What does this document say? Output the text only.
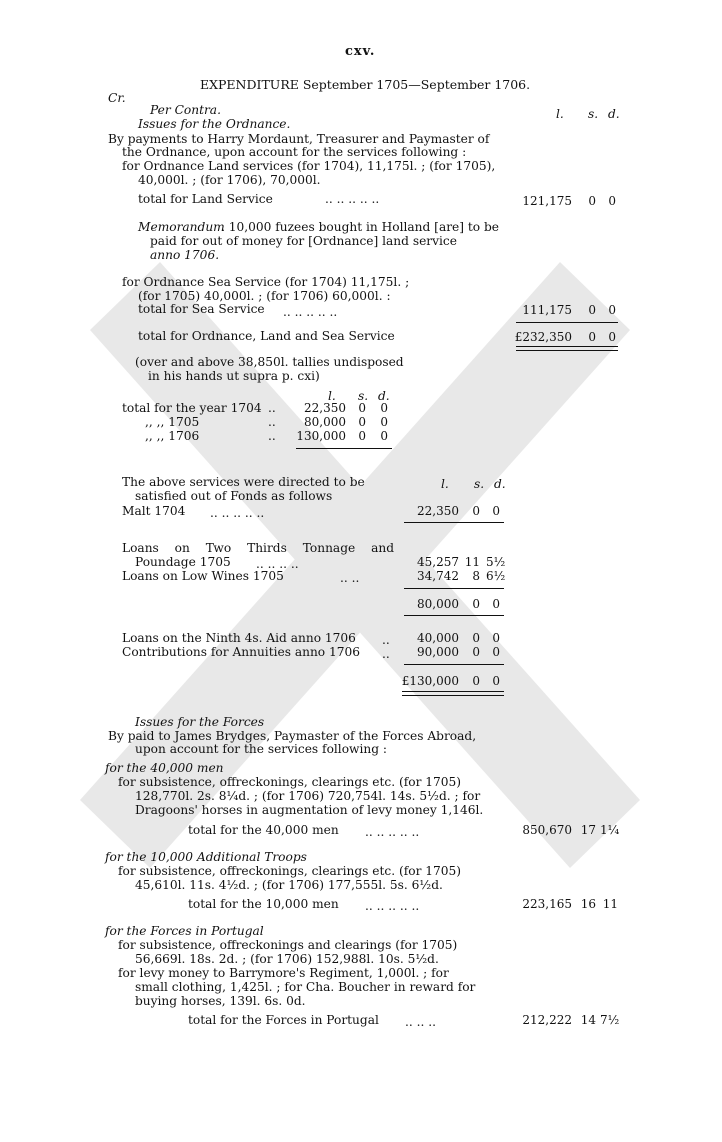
cxv.
EXPENDITURE September 1705—September 1706.
Cr.
l. s. d.
Per Contra.
Issues for the Ordnance.
By payments to Harry Mordaunt, Treasurer and Paymaster of
the Ordnance, upon account for the services following :
for Ordnance Land services (for 1704), 11,175l. ; (for 1705),
40,000l. ; (for 1706), 70,000l.
total for Land Service	.. .. .. .. ..	121,175	0	0
Memorandum
. 10,000 fuzees bought in Holland [are] to be
paid for out of money for [Ordnance] land service
anno 1706.
for Ordnance Sea Service (for 1704) 11,175l. ;
(for 1705) 40,000l. ; (for 1706) 60,000l. :
total for Sea Service .. .. .. .. ..	111,175	0	0
total for Ordnance, Land and Sea Service	£232,350	0	0
(over and above 38,850l. tallies undisposed
in his hands ut supra p. cxi)
l. s. d.
total for the year 1704 ..	22,350 0 0
,, ,, 1705	..	80,000 0 0
,, ,, 1706	..	130,000 0 0
The above services were directed to be
satisfied out of Fonds as follows
l. s. d.
Malt 1704 .. .. .. .. ..	22,350	0	0
Loans on Two Thirds Tonnage and
Poundage 1705 .. .. .. ..	45,257 11 5½
Loans on Low Wines 1705	.. ..	34,742	8 6½
80,000	0	0
Loans on the Ninth 4s. Aid anno 1706 ..	40,000	0	0
Contributions for Annuities anno 1706 ..	90,000	0	0
£130,000	0	0
Issues for the Forces
By paid to James Brydges, Paymaster of the Forces Abroad,
upon account for the services following :
for the 40,000 men
for subsistence, offreckonings, clearings etc. (for 1705)
128,770l. 2s. 8¼d. ; (for 1706) 720,754l. 14s. 5½d. ; for
Dragoons' horses in augmentation of levy money 1,146l.
total for the 40,000 men .. .. .. .. ..	850,670 17 1¼
for the 10,000 Additional Troops
for subsistence, offreckonings, clearings etc. (for 1705)
45,610l. 11s. 4½d. ; (for 1706) 177,555l. 5s. 6½d.
total for the 10,000 men .. .. .. .. ..	223,165 16 11
for the Forces in Portugal
for subsistence, offreckonings and clearings (for 1705)
56,669l. 18s. 2d. ; (for 1706) 152,988l. 10s. 5½d.
for levy money to Barrymore's Regiment, 1,000l. ; for
small clothing, 1,425l. ; for Cha. Boucher in reward for
buying horses, 139l. 6s. 0d.
total for the Forces in Portugal .. .. ..	212,222 14 7½
